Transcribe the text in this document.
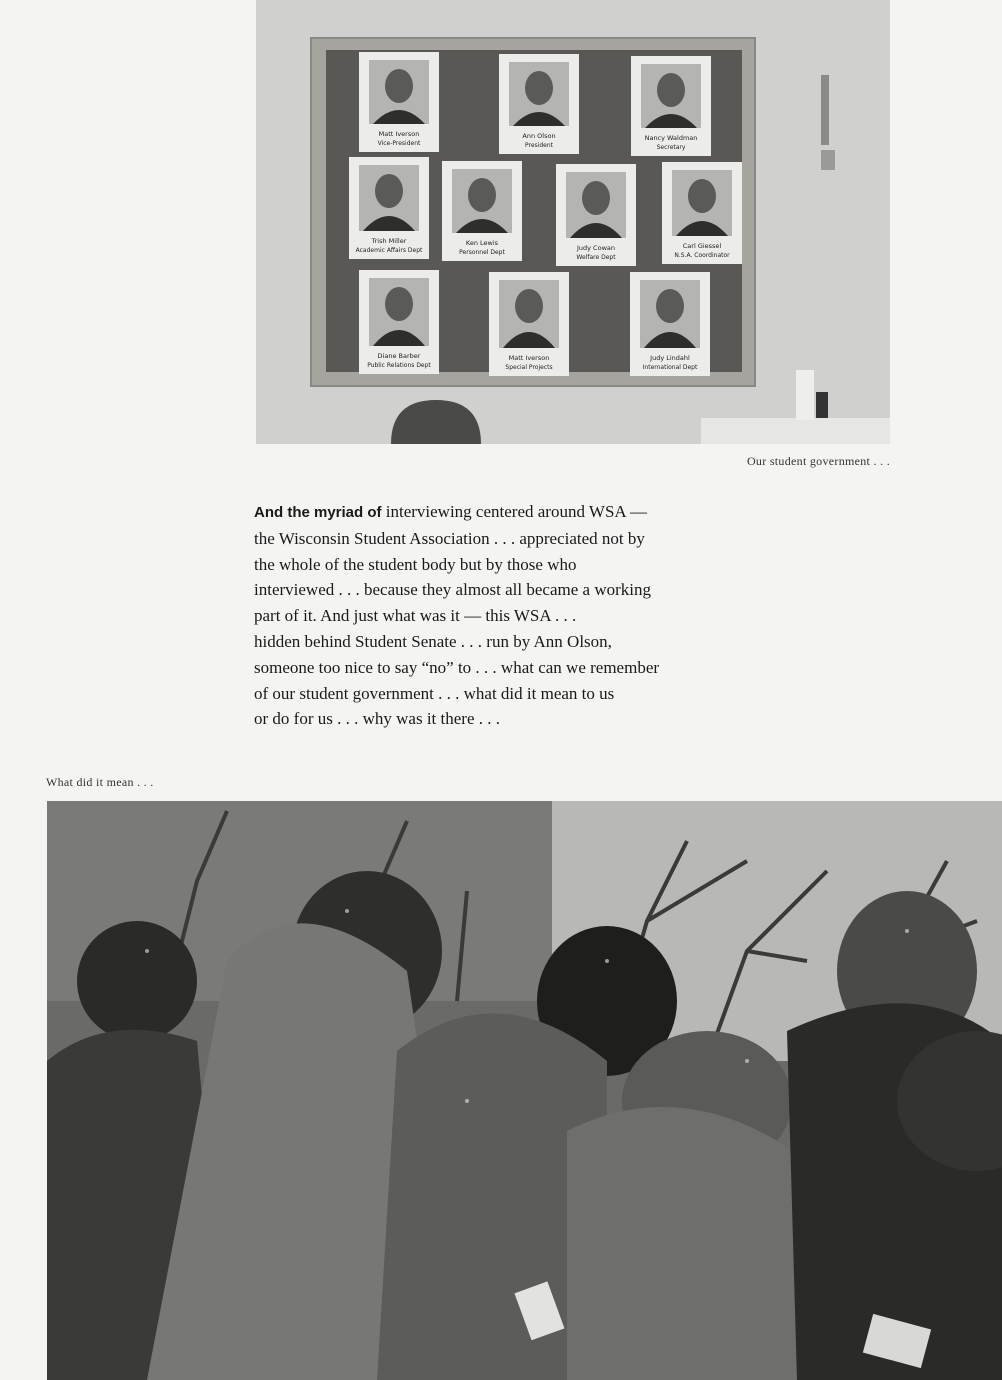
Matt Iverson
Vice-President
Ann Olson
President
Nancy Waldman
Secretary
Trish Miller
Academic Affairs Dept
Ken Lewis
Personnel Dept
Judy Cowan
Welfare Dept
Carl Giessel
N.S.A. Coordinator
Diane Barber
Public Relations Dept
Matt Iverson
Special Projects
Judy Lindahl
International Dept
Our student government . . .

And the myriad of interviewing centered around WSA —

the Wisconsin Student Association . . . appreciated not by

the whole of the student body but by those who

interviewed . . . because they almost all became a working

part of it. And just what was it — this WSA . . .

hidden behind Student Senate . . . run by Ann Olson,

someone too nice to say “no” to . . . what can we remember

of our student government . . . what did it mean to us

or do for us . . . why was it there . . .

What did it mean . . .
